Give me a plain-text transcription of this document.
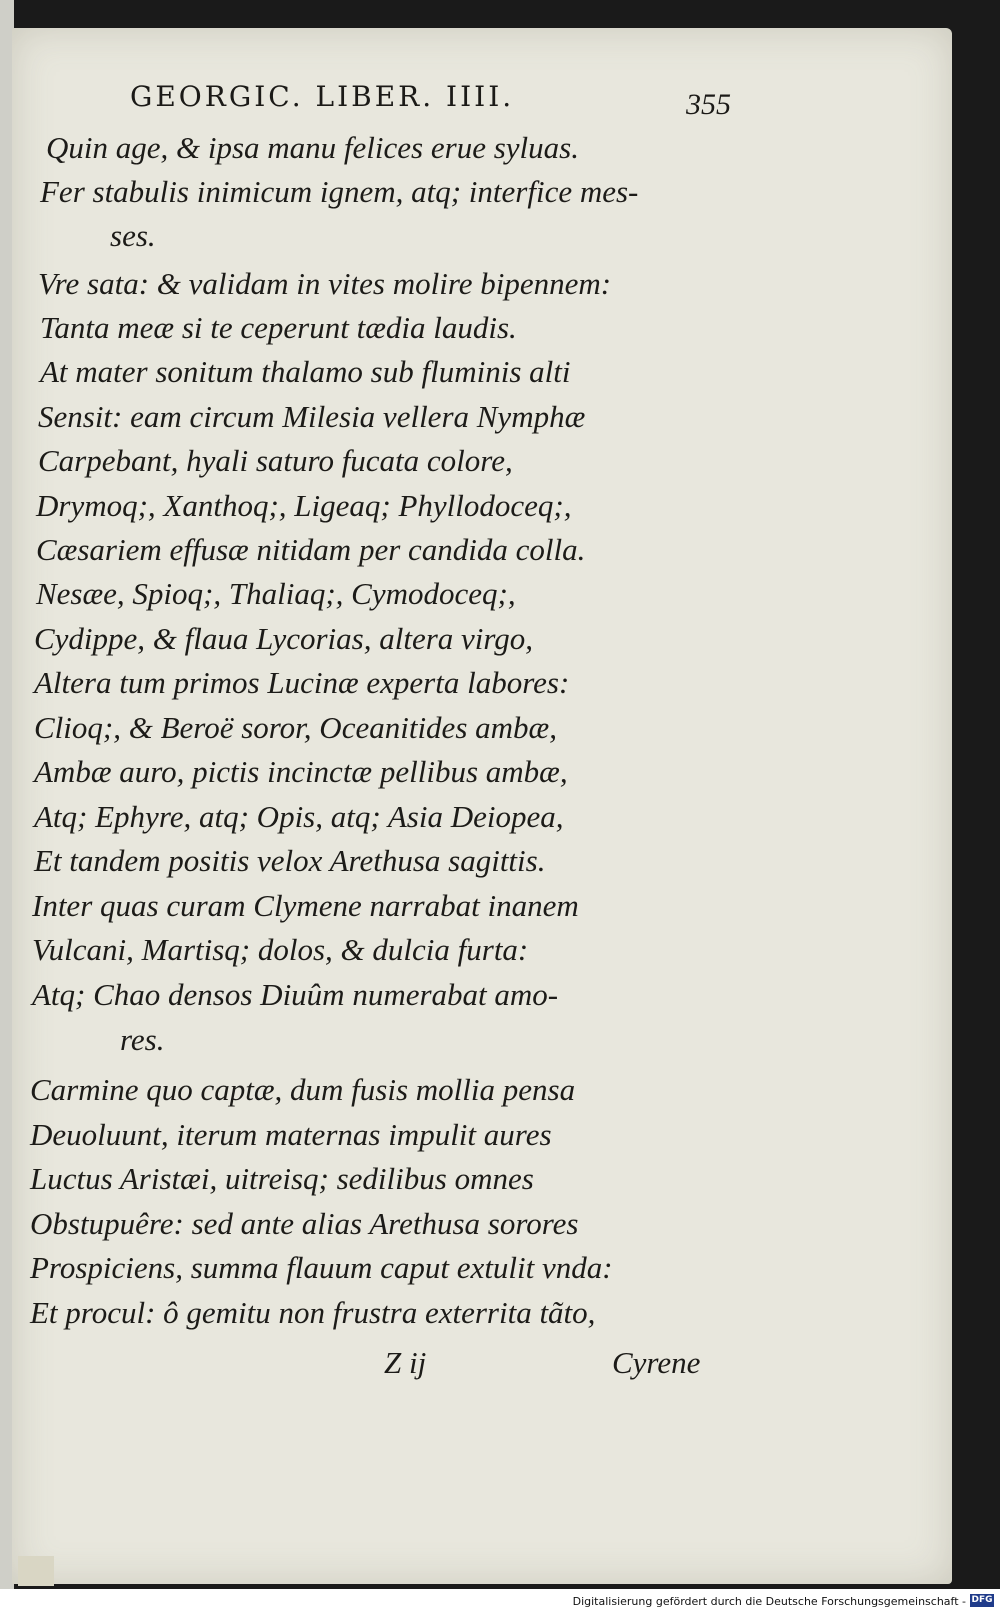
GEORGIC. LIBER. IIII.	355
Quin age, & ipsa manu felices erue syluas.
Fer stabulis inimicum ignem, atq; interfice mes-
ses.
Vre sata: & validam in vites molire bipennem:
Tanta meæ si te ceperunt tædia laudis.
At mater sonitum thalamo sub fluminis alti
Sensit: eam circum Milesia vellera Nymphæ
Carpebant, hyali saturo fucata colore,
Drymoq;, Xanthoq;, Ligeaq; Phyllodoceq;,
Cæsariem effusæ nitidam per candida colla.
Nesæe, Spioq;, Thaliaq;, Cymodoceq;,
Cydippe, & flaua Lycorias, altera virgo,
Altera tum primos Lucinæ experta labores:
Clioq;, & Beroë soror, Oceanitides ambæ,
Ambæ auro, pictis incinctæ pellibus ambæ,
Atq; Ephyre, atq; Opis, atq; Asia Deiopea,
Et tandem positis velox Arethusa sagittis.
Inter quas curam Clymene narrabat inanem
Vulcani, Martisq; dolos, & dulcia furta:
Atq; Chao densos Diuûm numerabat amo-
res.
Carmine quo captæ, dum fusis mollia pensa
Deuoluunt, iterum maternas impulit aures
Luctus Aristæi, uitreisq; sedilibus omnes
Obstupuêre: sed ante alias Arethusa sorores
Prospiciens, summa flauum caput extulit vnda:
Et procul: ô gemitu non frustra exterrita tãto,
Z ij	Cyrene
Digitalisierung gefördert durch die Deutsche Forschungsgemeinschaft - DFG
